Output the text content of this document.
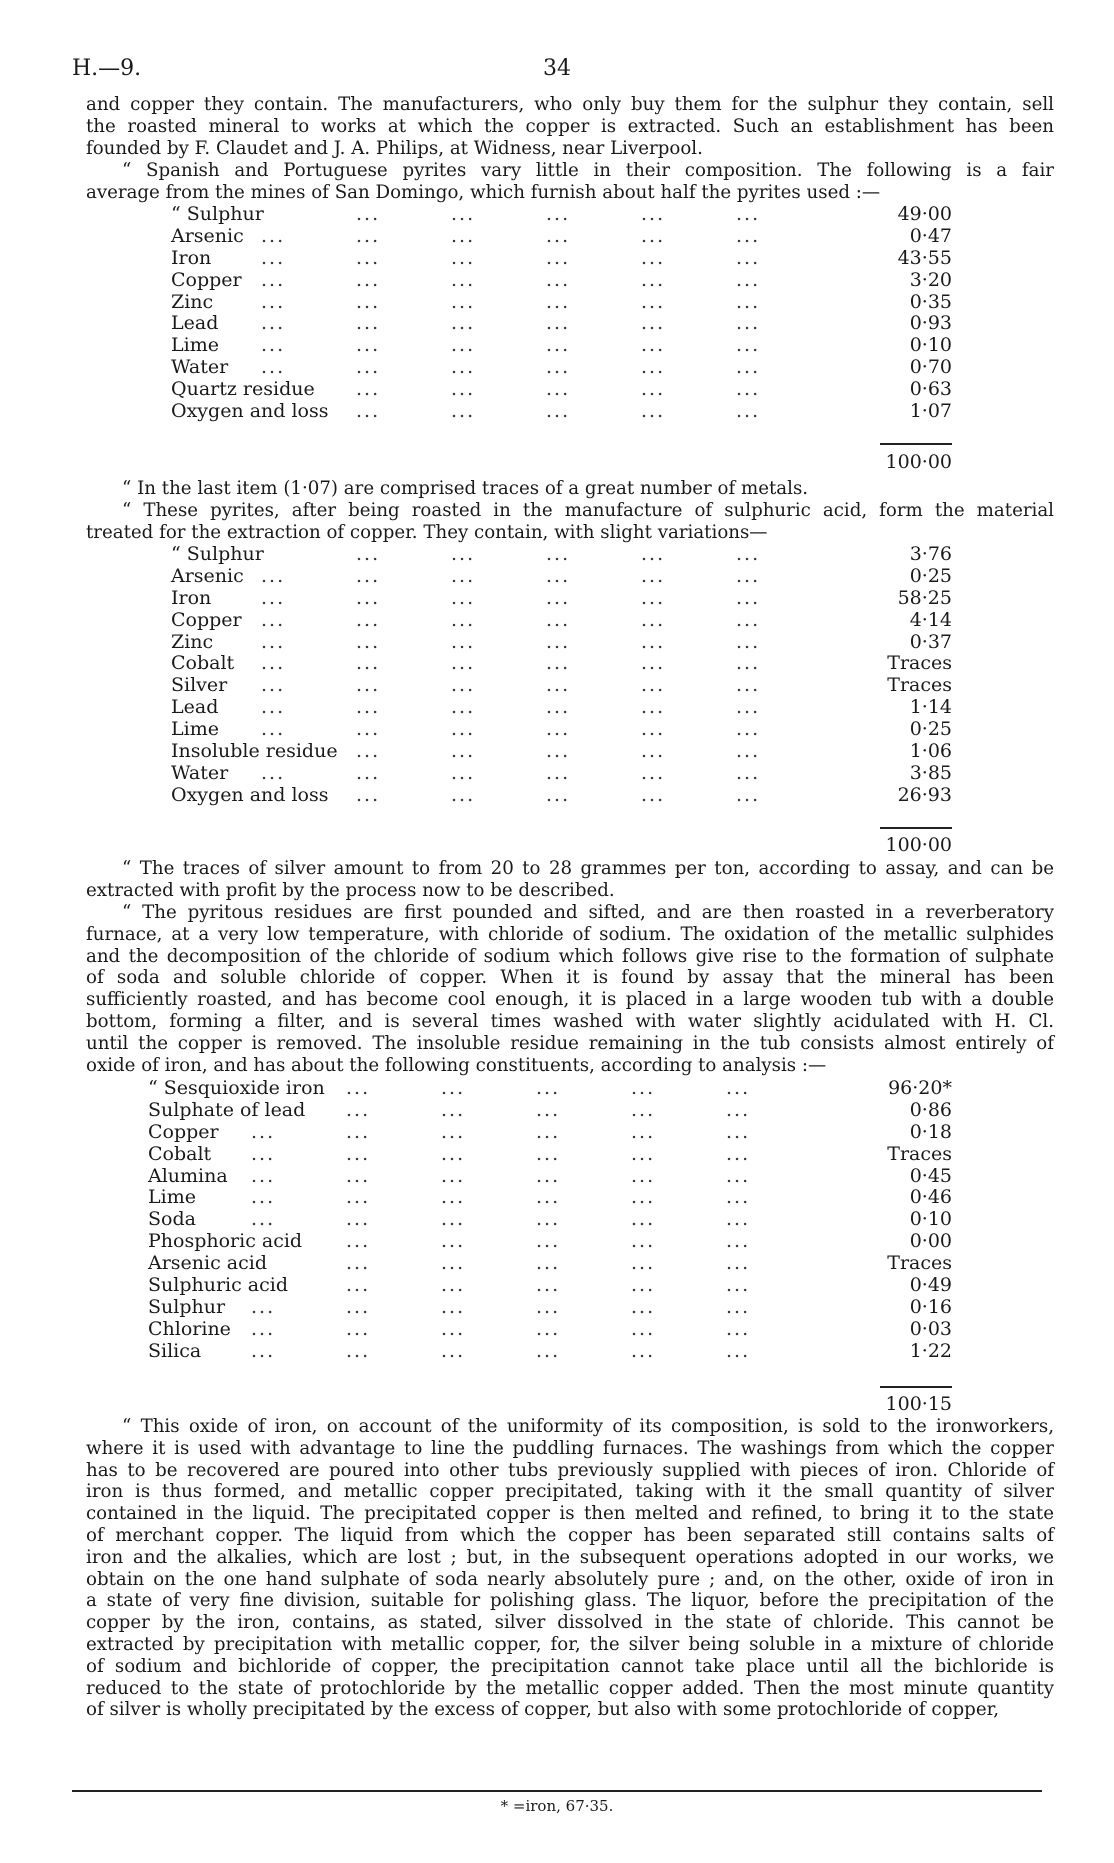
H.—9.	34
and copper they contain. The manufacturers, who only buy them for the sulphur they contain, sell
the roasted mineral to works at which the copper is extracted. Such an establishment has been
founded by F. Claudet and J. A. Philips, at Widness, near Liverpool.
“ Spanish and Portuguese pyrites vary little in their composition. The following is a fair
average from the mines of San Domingo, which furnish about half the pyrites used :—
“ Sulphur	...	...	...	...	...	49·00
Arsenic ...	...	...	...	...	...	0·47
Iron	...	...	...	...	...	...	43·55
Copper ...	...	...	...	...	...	3·20
Zinc	...	...	...	...	...	...	0·35
Lead ...	...	...	...	...	...	0·93
Lime ...	...	...	...	...	...	0·10
Water ...	...	...	...	...	...	0·70
Quartz residue ...	...	...	...	...	0·63
Oxygen and loss ...	...	...	...	...	1·07
100·00
“ In the last item (1·07) are comprised traces of a great number of metals.
“ These pyrites, after being roasted in the manufacture of sulphuric acid, form the material
treated for the extraction of copper. They contain, with slight variations—
“ Sulphur	...	...	...	...	...	3·76
Arsenic ...	...	...	...	...	...	0·25
Iron	...	...	...	...	...	...	58·25
Copper ...	...	...	...	...	...	4·14
Zinc	...	...	...	...	...	...	0·37
Cobalt ...	...	...	...	...	...	Traces
Silver ...	...	...	...	...	...	Traces
Lead ...	...	...	...	...	...	1·14
Lime ...	...	...	...	...	...	0·25
Insoluble residue ...	...	...	...	...	1·06
Water ...	...	...	...	...	...	3·85
Oxygen and loss ...	...	...	...	...	26·93
100·00
“ The traces of silver amount to from 20 to 28 grammes per ton, according to assay, and can be
extracted with profit by the process now to be described.
“ The pyritous residues are first pounded and sifted, and are then roasted in a reverberatory
furnace, at a very low temperature, with chloride of sodium. The oxidation of the metallic sulphides
and the decomposition of the chloride of sodium which follows give rise to the formation of sulphate
of soda and soluble chloride of copper. When it is found by assay that the mineral has been
sufficiently roasted, and has become cool enough, it is placed in a large wooden tub with a double
bottom, forming a filter, and is several times washed with water slightly acidulated with H. Cl.
until the copper is removed. The insoluble residue remaining in the tub consists almost entirely of
oxide of iron, and has about the following constituents, according to analysis :—
“ Sesquioxide iron ...	...	...	...	...	96·20*
Sulphate of lead ...	...	...	...	...	0·86
Copper ...	...	...	...	...	...	0·18
Cobalt ...	...	...	...	...	...	Traces
Alumina ...	...	...	...	...	...	0·45
Lime	...	...	...	...	...	...	0·46
Soda	...	...	...	...	...	...	0·10
Phosphoric acid ...	...	...	...	...	0·00
Arsenic acid	...	...	...	...	...	Traces
Sulphuric acid	...	...	...	...	...	0·49
Sulphur ...	...	...	...	...	...	0·16
Chlorine ...	...	...	...	...	...	0·03
Silica	...	...	...	...	...	...	1·22
100·15
“ This oxide of iron, on account of the uniformity of its composition, is sold to the ironworkers,
where it is used with advantage to line the puddling furnaces. The washings from which the copper
has to be recovered are poured into other tubs previously supplied with pieces of iron. Chloride of
iron is thus formed, and metallic copper precipitated, taking with it the small quantity of silver
contained in the liquid. The precipitated copper is then melted and refined, to bring it to the state
of merchant copper. The liquid from which the copper has been separated still contains salts of
iron and the alkalies, which are lost ; but, in the subsequent operations adopted in our works, we
obtain on the one hand sulphate of soda nearly absolutely pure ; and, on the other, oxide of iron in
a state of very fine division, suitable for polishing glass. The liquor, before the precipitation of the
copper by the iron, contains, as stated, silver dissolved in the state of chloride. This cannot be
extracted by precipitation with metallic copper, for, the silver being soluble in a mixture of chloride
of sodium and bichloride of copper, the precipitation cannot take place until all the bichloride is
reduced to the state of protochloride by the metallic copper added. Then the most minute quantity
of silver is wholly precipitated by the excess of copper, but also with some protochloride of copper,
* =iron, 67·35.
